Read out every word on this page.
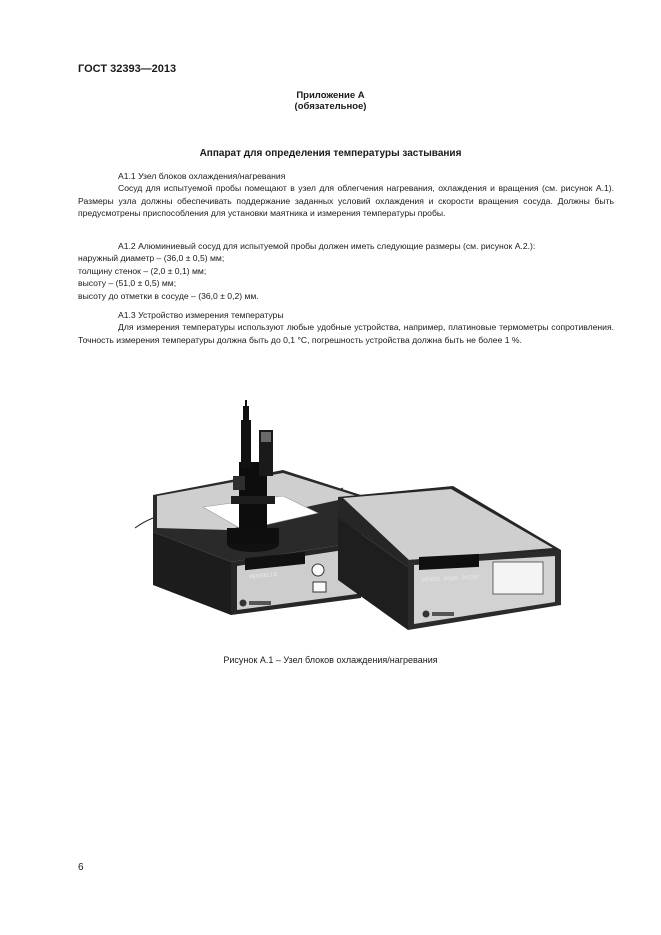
ГОСТ 32393—2013
Приложение А
(обязательное)
Аппарат для определения температуры застывания

А1.1 Узел блоков охлаждения/нагревания

Сосуд для испытуемой пробы помещают в узел для облегчения нагревания, охлаждения и вращения (см. рисунок А.1). Размеры узла должны обеспечивать поддержание заданных условий охлаждения и скорости вращения сосуда. Должны быть предусмотрены приспособления для установки маятника и измерения температуры пробы.

А1.2 Алюминиевый сосуд для испытуемой пробы должен иметь следующие размеры (см. рисунок А.2.):

наружный диаметр – (36,0 ± 0,5) мм;

толщину стенок – (2,0 ± 0,1) мм;

высоту – (51,0 ± 0,5) мм;

высоту до отметки в сосуде – (36,0 ± 0,2) мм.

А1.3 Устройство измерения температуры

Для измерения температуры используют любые удобные устройства, например, платиновые термометры сопротивления. Точность измерения температуры должна быть до 0,1 °С, погрешность устройства должна быть не более 1 %.

MERSELLE	MERSO POUR POINT
Рисунок А.1 – Узел блоков охлаждения/нагревания
6
